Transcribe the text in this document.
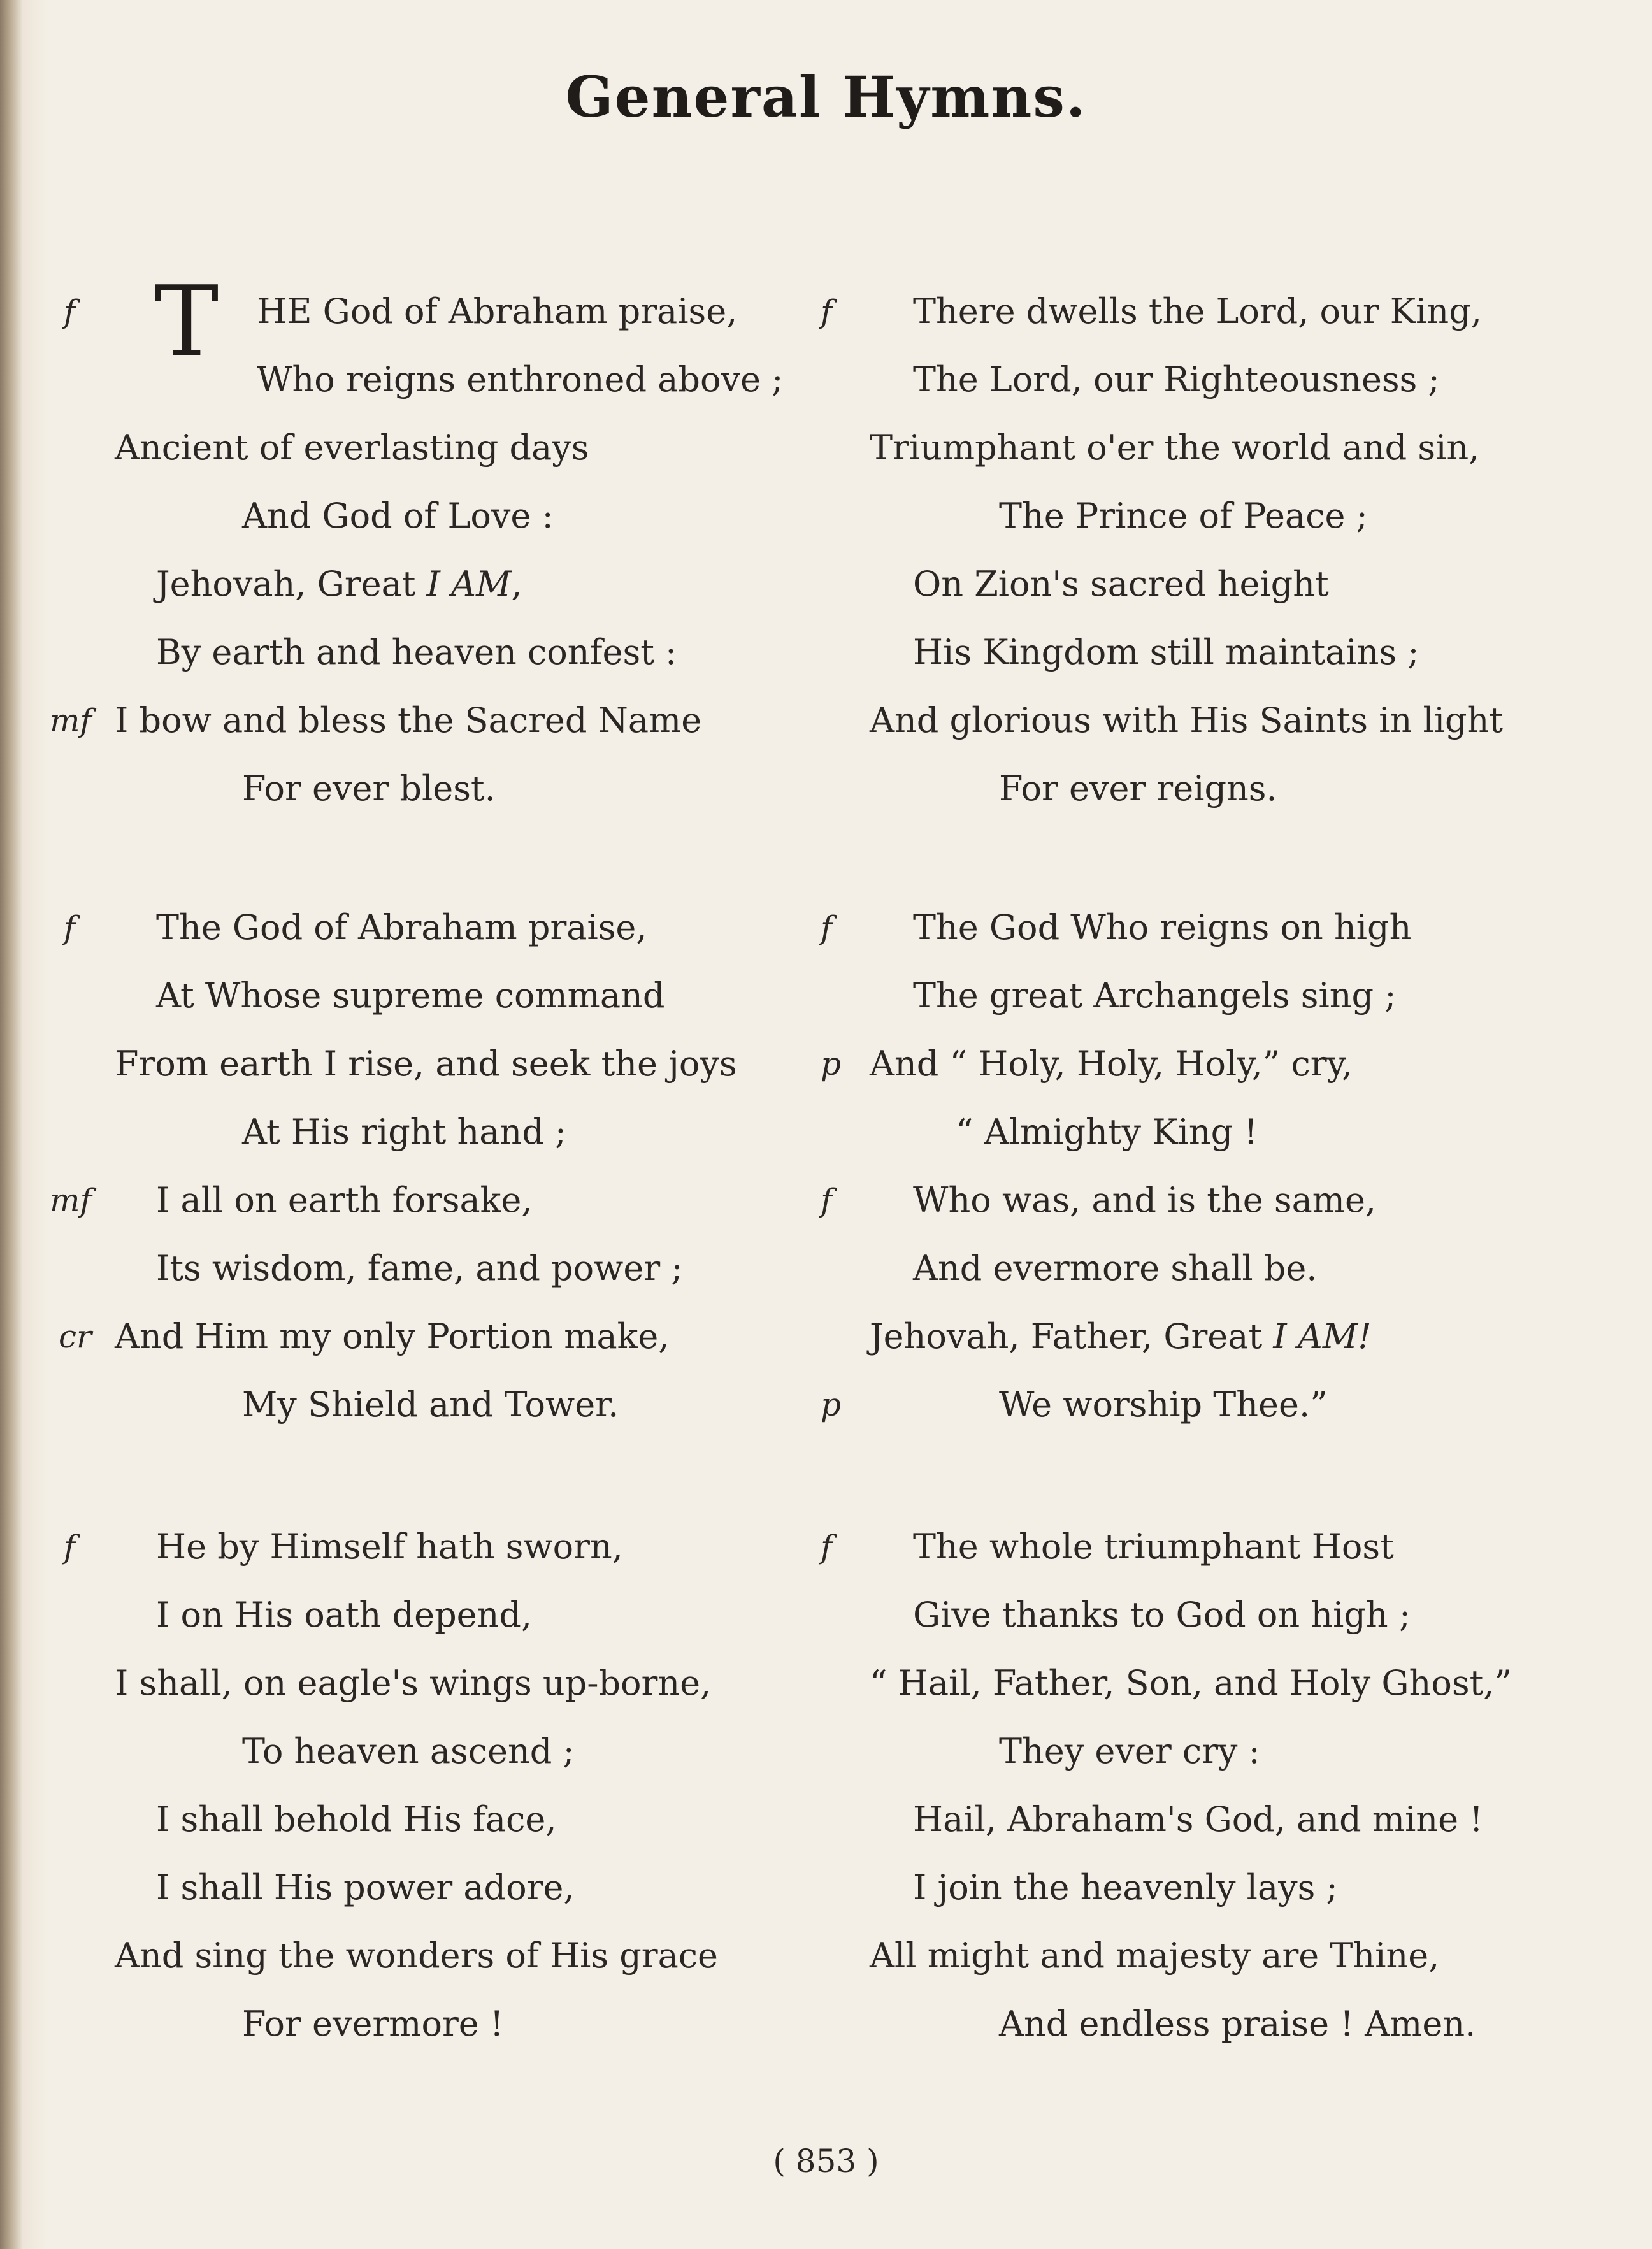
General Hymns.
f T HE God of Abraham praise,
Who reigns enthroned above ;
Ancient of everlasting days
And God of Love :
Jehovah, Great I AM,
By earth and heaven confest :
I bow and bless the Sacred Name
mf
For ever blest.
f The God of Abraham praise,
At Whose supreme command
From earth I rise, and seek the joys
At His right hand ;
I all on earth forsake,
mf
Its wisdom, fame, and power ;
And Him my only Portion make,
cr
My Shield and Tower.
f He by Himself hath sworn,
I on His oath depend,
I shall, on eagle's wings up-borne,
To heaven ascend ;
I shall behold His face,
I shall His power adore,
And sing the wonders of His grace
For evermore !
f There dwells the Lord, our King,
The Lord, our Righteousness ;
Triumphant o'er the world and sin,
The Prince of Peace ;
On Zion's sacred height
His Kingdom still maintains ;
And glorious with His Saints in light
For ever reigns.
f The God Who reigns on high
The great Archangels sing ;
And “ Holy, Holy, Holy,” cry,
p
“ Almighty King !
Who was, and is the same,
f
And evermore shall be.
Jehovah, Father, Great I AM!
We worship Thee.”
p
f The whole triumphant Host
Give thanks to God on high ;
“ Hail, Father, Son, and Holy Ghost,”
They ever cry :
Hail, Abraham's God, and mine !
I join the heavenly lays ;
All might and majesty are Thine,
And endless praise ! Amen.
( 853 )
